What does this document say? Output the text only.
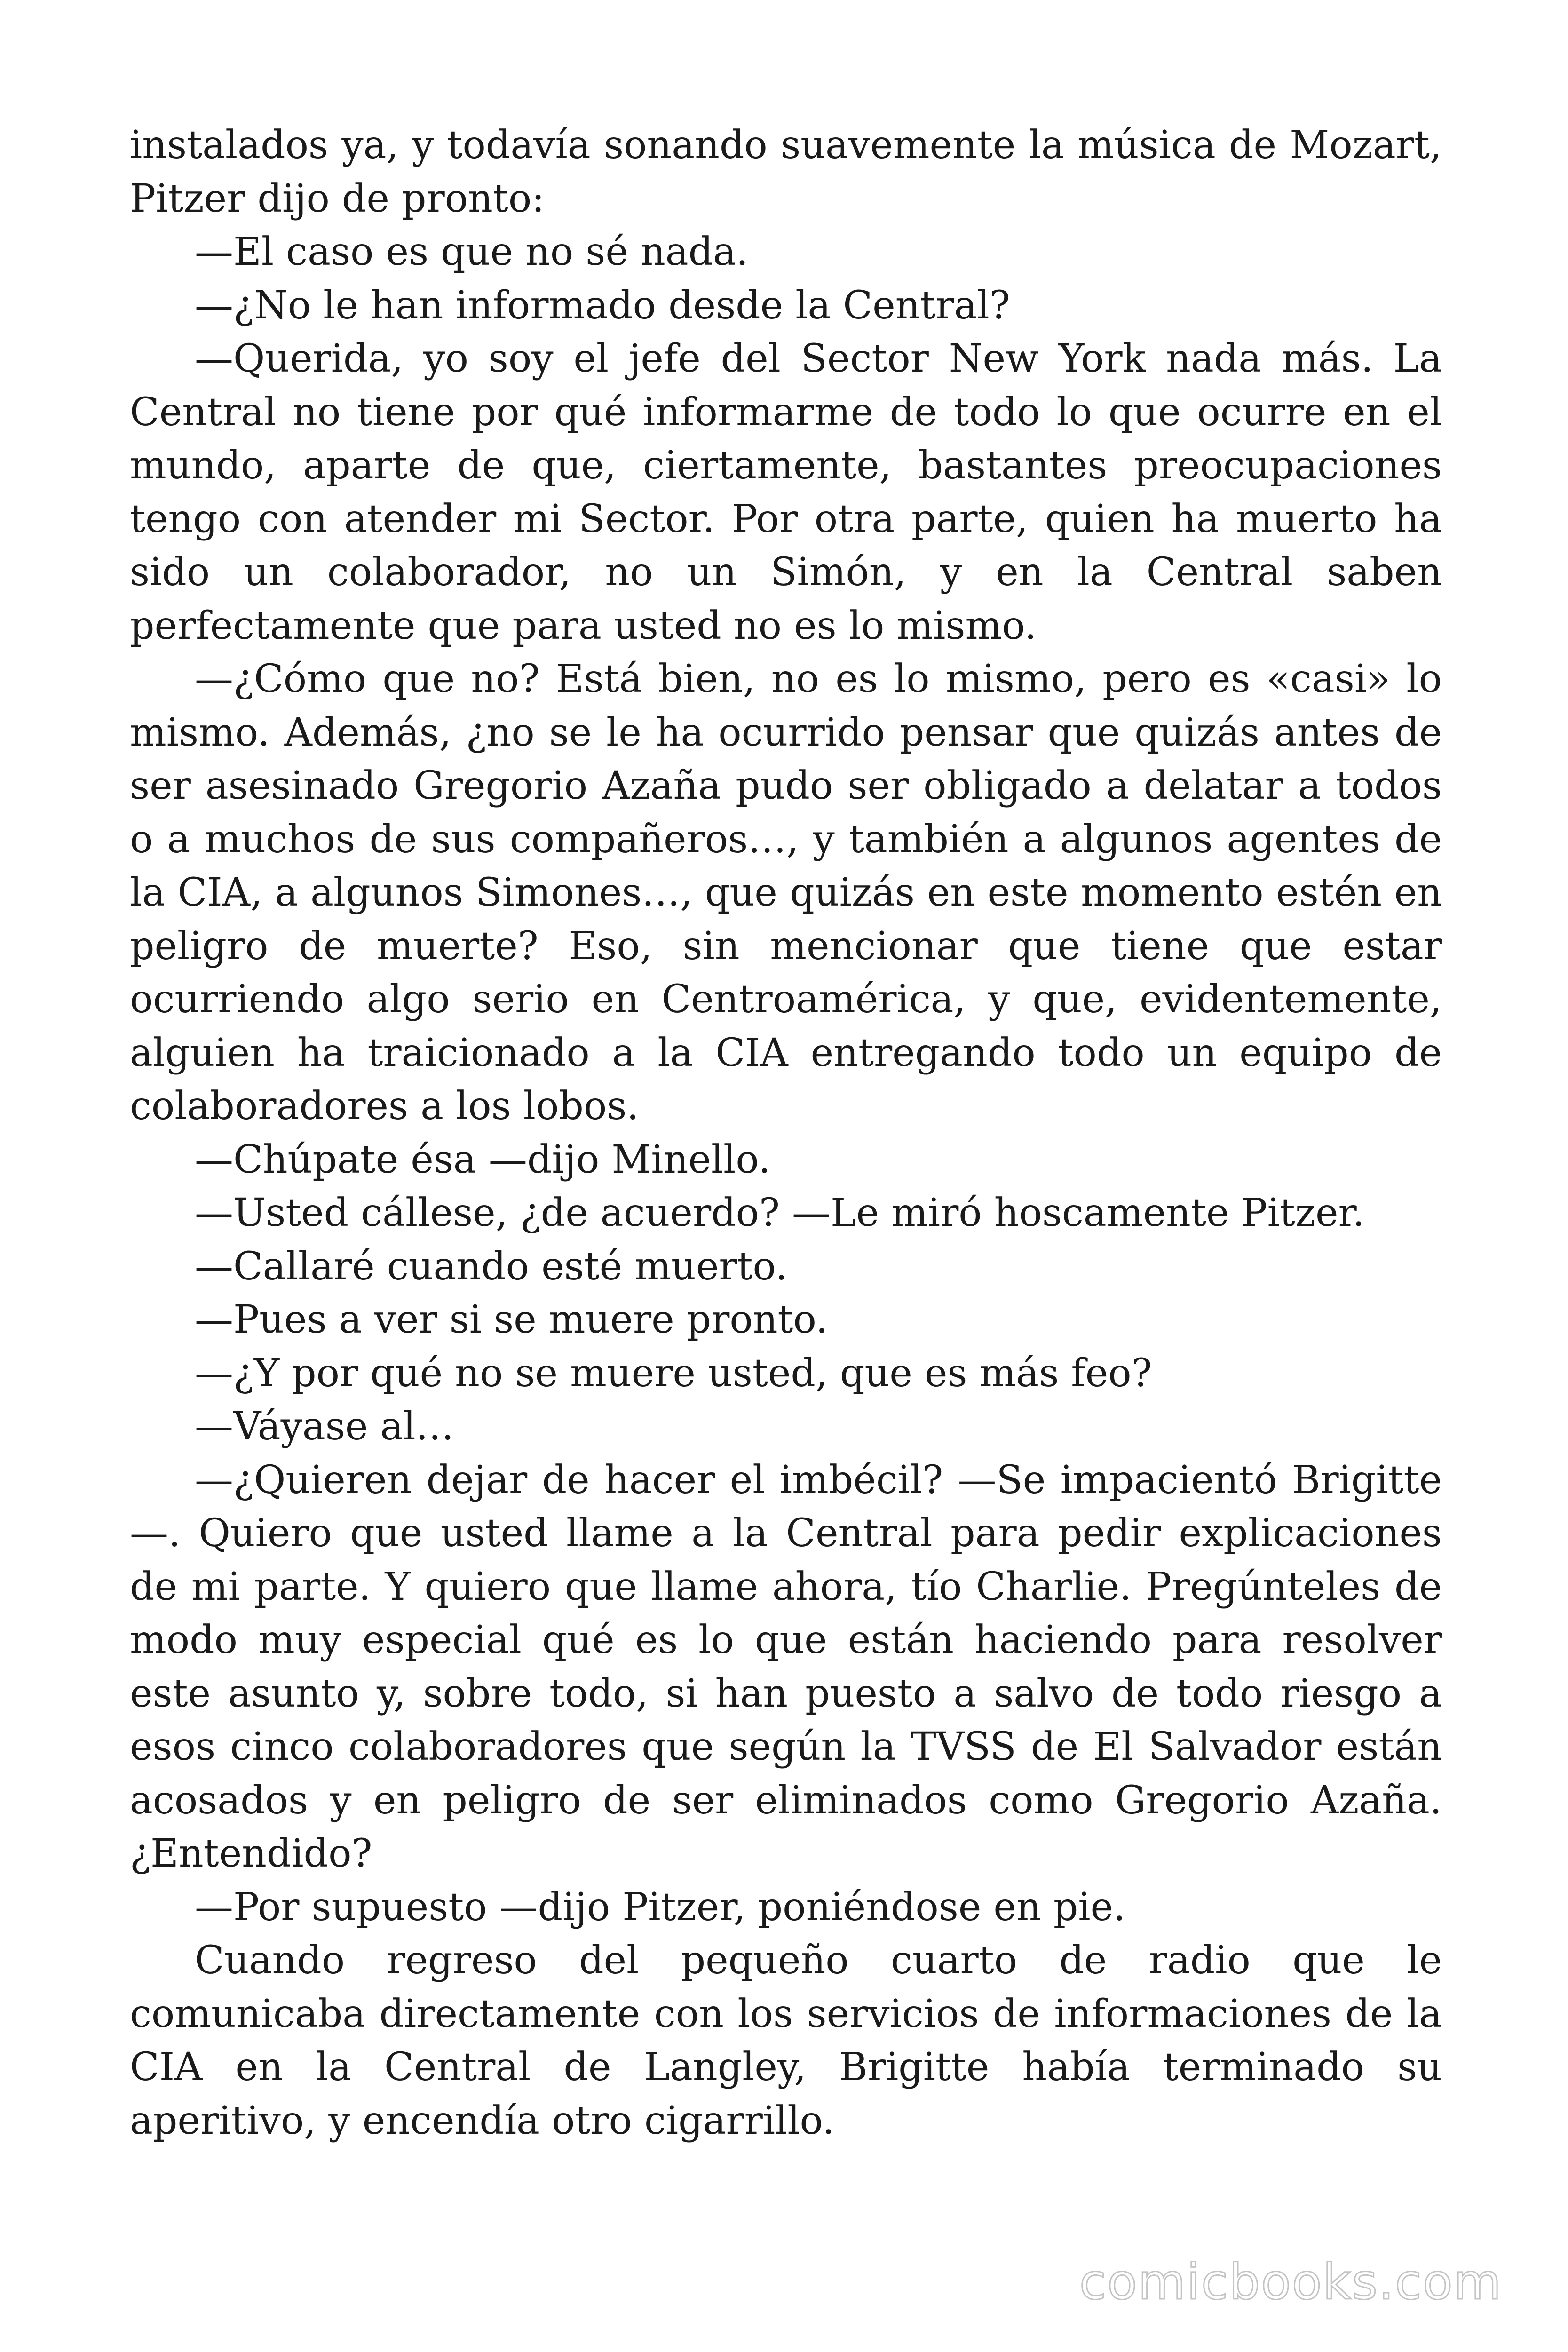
instalados ya, y todavía sonando suavemente la música de Mozart, Pitzer dijo de pronto:

—El caso es que no sé nada.

—¿No le han informado desde la Central?

—Querida, yo soy el jefe del Sector New York nada más. La Central no tiene por qué informarme de todo lo que ocurre en el mundo, aparte de que, ciertamente, bastantes preocupaciones tengo con atender mi Sector. Por otra parte, quien ha muerto ha sido un colaborador, no un Simón, y en la Central saben perfectamente que para usted no es lo mismo.

—¿Cómo que no? Está bien, no es lo mismo, pero es «casi» lo mismo. Además, ¿no se le ha ocurrido pensar que quizás antes de ser asesinado Gregorio Azaña pudo ser obligado a delatar a todos o a muchos de sus compañeros…, y también a algunos agentes de la CIA, a algunos Simones…, que quizás en este momento estén en peligro de muerte? Eso, sin mencionar que tiene que estar ocurriendo algo serio en Centroamérica, y que, evidentemente, alguien ha traicionado a la CIA entregando todo un equipo de colaboradores a los lobos.

—Chúpate ésa —dijo Minello.

—Usted cállese, ¿de acuerdo? —Le miró hoscamente Pitzer.

—Callaré cuando esté muerto.

—Pues a ver si se muere pronto.

—¿Y por qué no se muere usted, que es más feo?

—Váyase al…

—¿Quieren dejar de hacer el imbécil? —Se impacientó Brigitte —. Quiero que usted llame a la Central para pedir explicaciones de mi parte. Y quiero que llame ahora, tío Charlie. Pregúnteles de modo muy especial qué es lo que están haciendo para resolver este asunto y, sobre todo, si han puesto a salvo de todo riesgo a esos cinco colaboradores que según la TVSS de El Salvador están acosados y en peligro de ser eliminados como Gregorio Azaña. ¿Entendido?

—Por supuesto —dijo Pitzer, poniéndose en pie.

Cuando regreso del pequeño cuarto de radio que le comunicaba directamente con los servicios de informaciones de la CIA en la Central de Langley, Brigitte había terminado su aperitivo, y encendía otro cigarrillo.

comicbooks.com
